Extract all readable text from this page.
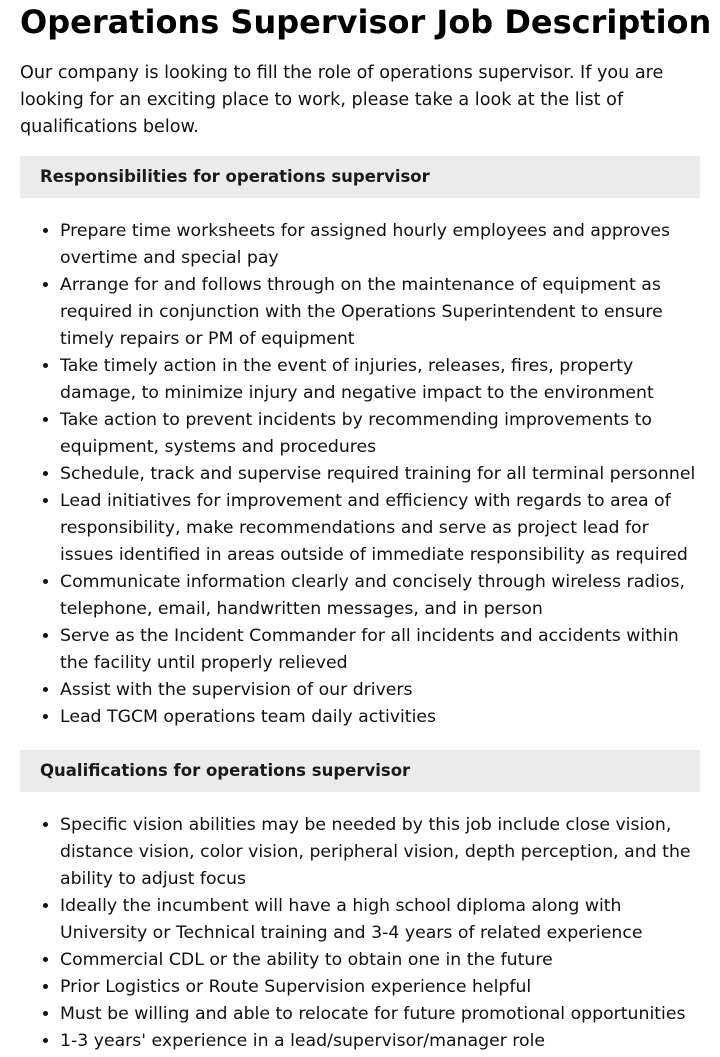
Operations Supervisor Job Description

Our company is looking to fill the role of operations supervisor. If you are looking for an exciting place to work, please take a look at the list of qualifications below.

Responsibilities for operations supervisor
• Prepare time worksheets for assigned hourly employees and approves overtime and special pay
• Arrange for and follows through on the maintenance of equipment as required in conjunction with the Operations Superintendent to ensure timely repairs or PM of equipment
• Take timely action in the event of injuries, releases, fires, property damage, to minimize injury and negative impact to the environment
• Take action to prevent incidents by recommending improvements to equipment, systems and procedures
• Schedule, track and supervise required training for all terminal personnel
• Lead initiatives for improvement and efficiency with regards to area of responsibility, make recommendations and serve as project lead for issues identified in areas outside of immediate responsibility as required
• Communicate information clearly and concisely through wireless radios, telephone, email, handwritten messages, and in person
• Serve as the Incident Commander for all incidents and accidents within the facility until properly relieved
• Assist with the supervision of our drivers
• Lead TGCM operations team daily activities
Qualifications for operations supervisor
• Specific vision abilities may be needed by this job include close vision, distance vision, color vision, peripheral vision, depth perception, and the ability to adjust focus
• Ideally the incumbent will have a high school diploma along with University or Technical training and 3-4 years of related experience
• Commercial CDL or the ability to obtain one in the future
• Prior Logistics or Route Supervision experience helpful
• Must be willing and able to relocate for future promotional opportunities
• 1-3 years' experience in a lead/supervisor/manager role
